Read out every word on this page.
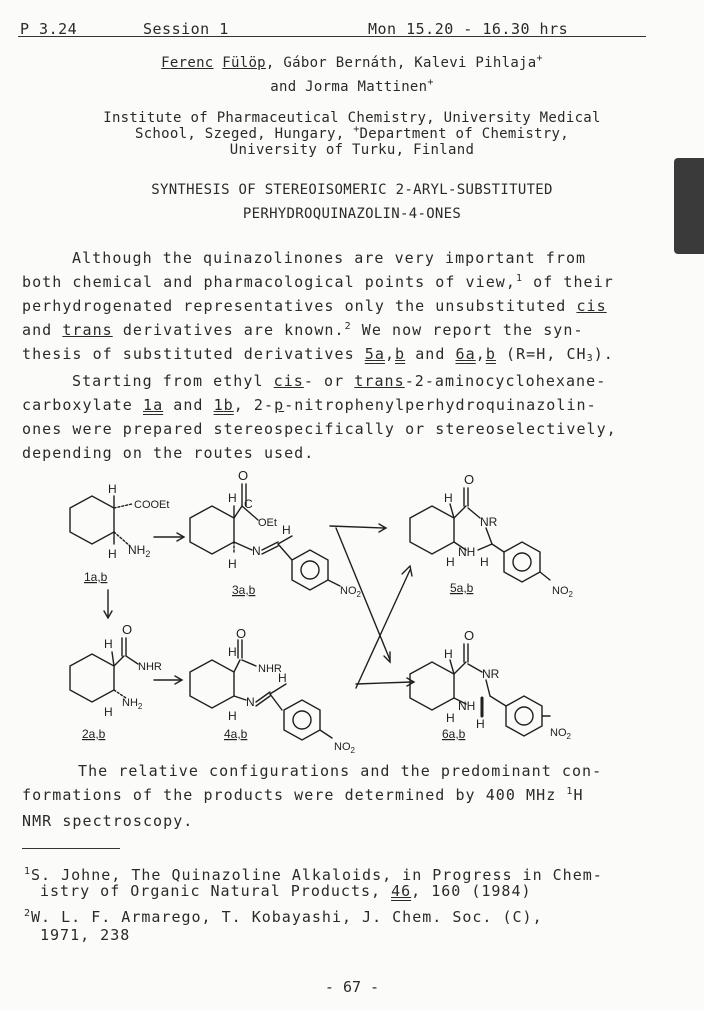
P 3.24	Session 1	Mon 15.20 - 16.30 hrs

Ferenc Fülöp, Gábor Bernáth, Kalevi Pihlaja+
and Jorma Mattinen+
Institute of Pharmaceutical Chemistry, University Medical
School, Szeged, Hungary, +Department of Chemistry,
University of Turku, Finland
SYNTHESIS OF STEREOISOMERIC 2-ARYL-SUBSTITUTED
PERHYDROQUINAZOLIN-4-ONES
Although the quinazolinones are very important from
both chemical and pharmacological points of view,$^1$ of their
perhydrogenated representatives only the unsubstituted cis
and trans derivatives are known.$^2$ We now report the syn-
thesis of substituted derivatives 5a,b and 6a,b (R=H, $CH_3$).
Starting from ethyl cis- or trans-2-aminocyclohexane-
carboxylate 1a and 1b, 2-p-nitrophenylperhydroquinazolin-
ones were prepared stereospecifically or stereoselectively,
depending on the routes used.
H
COOEt
$NH_2$
H
1a,b
O
H C
OEt H
N
H
$NO_2$
3a,b
O
H
NR
NH
H H
$NO_2$
5a,b
O
H
NHR
$NH_2$
H
2a,b
O
H
NHR
H
N
H
$NO_2$
4a,b
O
H
NR
NH
H H
$NO_2$
6a,b
The relative configurations and the predominant con-
formations of the products were determined by 400 MHz $^1$H
NMR spectroscopy.
$^1$S. Johne, The Quinazoline Alkaloids, in Progress in Chem-
istry of Organic Natural Products, 46, 160 (1984)
$^2$W. L. F. Armarego, T. Kobayashi, J. Chem. Soc. (C),
1971, 238
- 67 -
